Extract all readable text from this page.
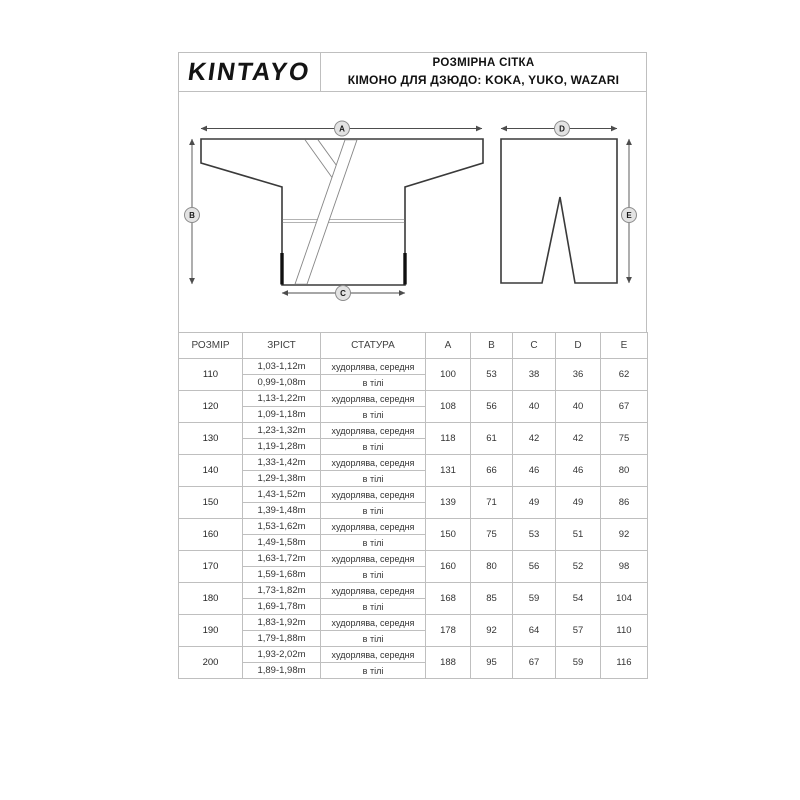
KINTAYO	РОЗМІРНА СІТКА
КІМОНО ДЛЯ ДЗЮДО: KOKA, YUKO, WAZARI
A
B
C
D
E
РОЗМІР	ЗРІСТ	СТАТУРА	A	B	C	D	E
110	1,03-1,12m	худорлява, середня	100	53	38	36	62
	0,99-1,08m	в тілі					
120	1,13-1,22m	худорлява, середня	108	56	40	40	67
	1,09-1,18m	в тілі					
130	1,23-1,32m	худорлява, середня	118	61	42	42	75
	1,19-1,28m	в тілі					
140	1,33-1,42m	худорлява, середня	131	66	46	46	80
	1,29-1,38m	в тілі					
150	1,43-1,52m	худорлява, середня	139	71	49	49	86
	1,39-1,48m	в тілі					
160	1,53-1,62m	худорлява, середня	150	75	53	51	92
	1,49-1,58m	в тілі					
170	1,63-1,72m	худорлява, середня	160	80	56	52	98
	1,59-1,68m	в тілі					
180	1,73-1,82m	худорлява, середня	168	85	59	54	104
	1,69-1,78m	в тілі					
190	1,83-1,92m	худорлява, середня	178	92	64	57	110
	1,79-1,88m	в тілі					
200	1,93-2,02m	худорлява, середня	188	95	67	59	116
	1,89-1,98m	в тілі					
